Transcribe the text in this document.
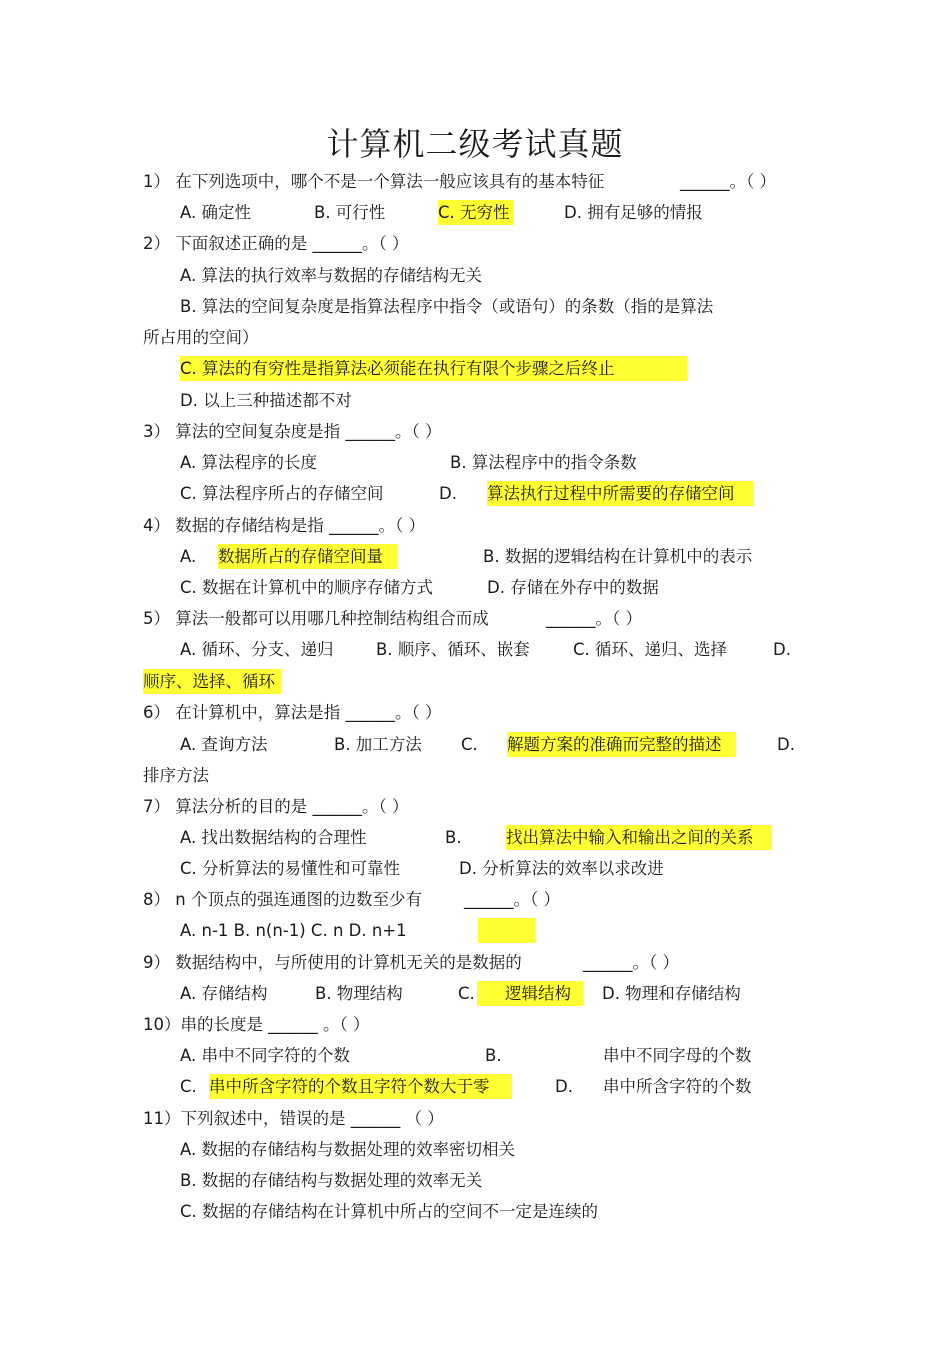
计算机二级考试真题
1） 在下列选项中，哪个不是一个算法一般应该具有的基本特征	______。（ ）
A. 确定性	B. 可行性	C. 无穷性	D. 拥有足够的情报
2） 下面叙述正确的是 ______。（ ）
A. 算法的执行效率与数据的存储结构无关
B. 算法的空间复杂度是指算法程序中指令（或语句）的条数（指的是算法
所占用的空间）
C. 算法的有穷性是指算法必须能在执行有限个步骤之后终止
D. 以上三种描述都不对
3） 算法的空间复杂度是指 ______。（ ）
A. 算法程序的长度	B. 算法程序中的指令条数
C. 算法程序所占的存储空间	D. 算法执行过程中所需要的存储空间
4） 数据的存储结构是指 ______。（ ）
A. 数据所占的存储空间量	B. 数据的逻辑结构在计算机中的表示
C. 数据在计算机中的顺序存储方式	D. 存储在外存中的数据
5） 算法一般都可以用哪几种控制结构组合而成	______。（ ）
A. 循环、分支、递归	B. 顺序、循环、嵌套	C. 循环、递归、选择	D.
顺序、选择、循环
6） 在计算机中，算法是指 ______。（ ）
A. 查询方法	B. 加工方法 C. 解题方案的准确而完整的描述	D.
排序方法
7） 算法分析的目的是 ______。（ ）
A. 找出数据结构的合理性	B.	找出算法中输入和输出之间的关系
C. 分析算法的易懂性和可靠性	D. 分析算法的效率以求改进
8） n 个顶点的强连通图的边数至少有	______。（ ）
A. n-1 B. n(n-1) C. n D. n+1
9） 数据结构中，与所使用的计算机无关的是数据的	______。（ ）
A. 存储结构	B. 物理结构	C. 逻辑结构 D. 物理和存储结构
10）串的长度是 ______ 。（ ）
A. 串中不同字符的个数	B.	串中不同字母的个数
C. 串中所含字符的个数且字符个数大于零	D. 串中所含字符的个数
11）下列叙述中，错误的是 ______ （ ）
A. 数据的存储结构与数据处理的效率密切相关
B. 数据的存储结构与数据处理的效率无关
C. 数据的存储结构在计算机中所占的空间不一定是连续的
